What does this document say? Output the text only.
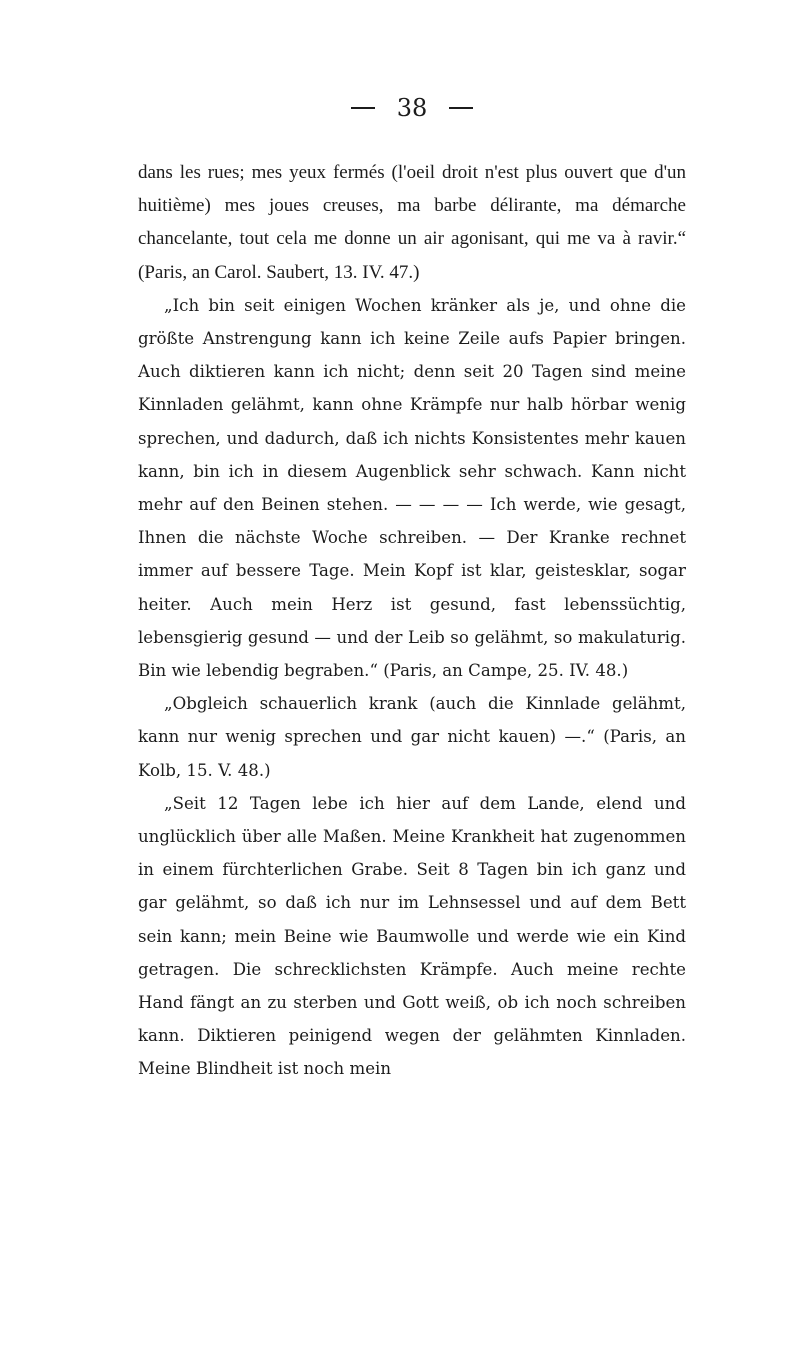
38

dans les rues; mes yeux fermés (l'oeil droit n'est plus ouvert que d'un huitième) mes joues creuses, ma barbe délirante, ma démarche chancelante, tout cela me donne un air agonisant, qui me va à ravir.“ (Paris, an Carol. Saubert, 13. IV. 47.)

„Ich bin seit einigen Wochen kränker als je, und ohne die größte Anstrengung kann ich keine Zeile aufs Papier bringen. Auch diktieren kann ich nicht; denn seit 20 Tagen sind meine Kinnladen gelähmt, kann ohne Krämpfe nur halb hörbar wenig sprechen, und dadurch, daß ich nichts Konsistentes mehr kauen kann, bin ich in diesem Augenblick sehr schwach. Kann nicht mehr auf den Beinen stehen. — — — — Ich werde, wie gesagt, Ihnen die nächste Woche schreiben. — Der Kranke rechnet immer auf bessere Tage. Mein Kopf ist klar, geistesklar, sogar heiter. Auch mein Herz ist gesund, fast lebenssüchtig, lebensgierig gesund — und der Leib so gelähmt, so makulaturig. Bin wie lebendig begraben.“ (Paris, an Campe, 25. IV. 48.)

„Obgleich schauerlich krank (auch die Kinnlade gelähmt, kann nur wenig sprechen und gar nicht kauen) —.“ (Paris, an Kolb, 15. V. 48.)

„Seit 12 Tagen lebe ich hier auf dem Lande, elend und unglücklich über alle Maßen. Meine Krankheit hat zugenommen in einem fürchterlichen Grabe. Seit 8 Tagen bin ich ganz und gar gelähmt, so daß ich nur im Lehnsessel und auf dem Bett sein kann; mein Beine wie Baumwolle und werde wie ein Kind getragen. Die schrecklichsten Krämpfe. Auch meine rechte Hand fängt an zu sterben und Gott weiß, ob ich noch schreiben kann. Diktieren peinigend wegen der gelähmten Kinnladen. Meine Blindheit ist noch mein
